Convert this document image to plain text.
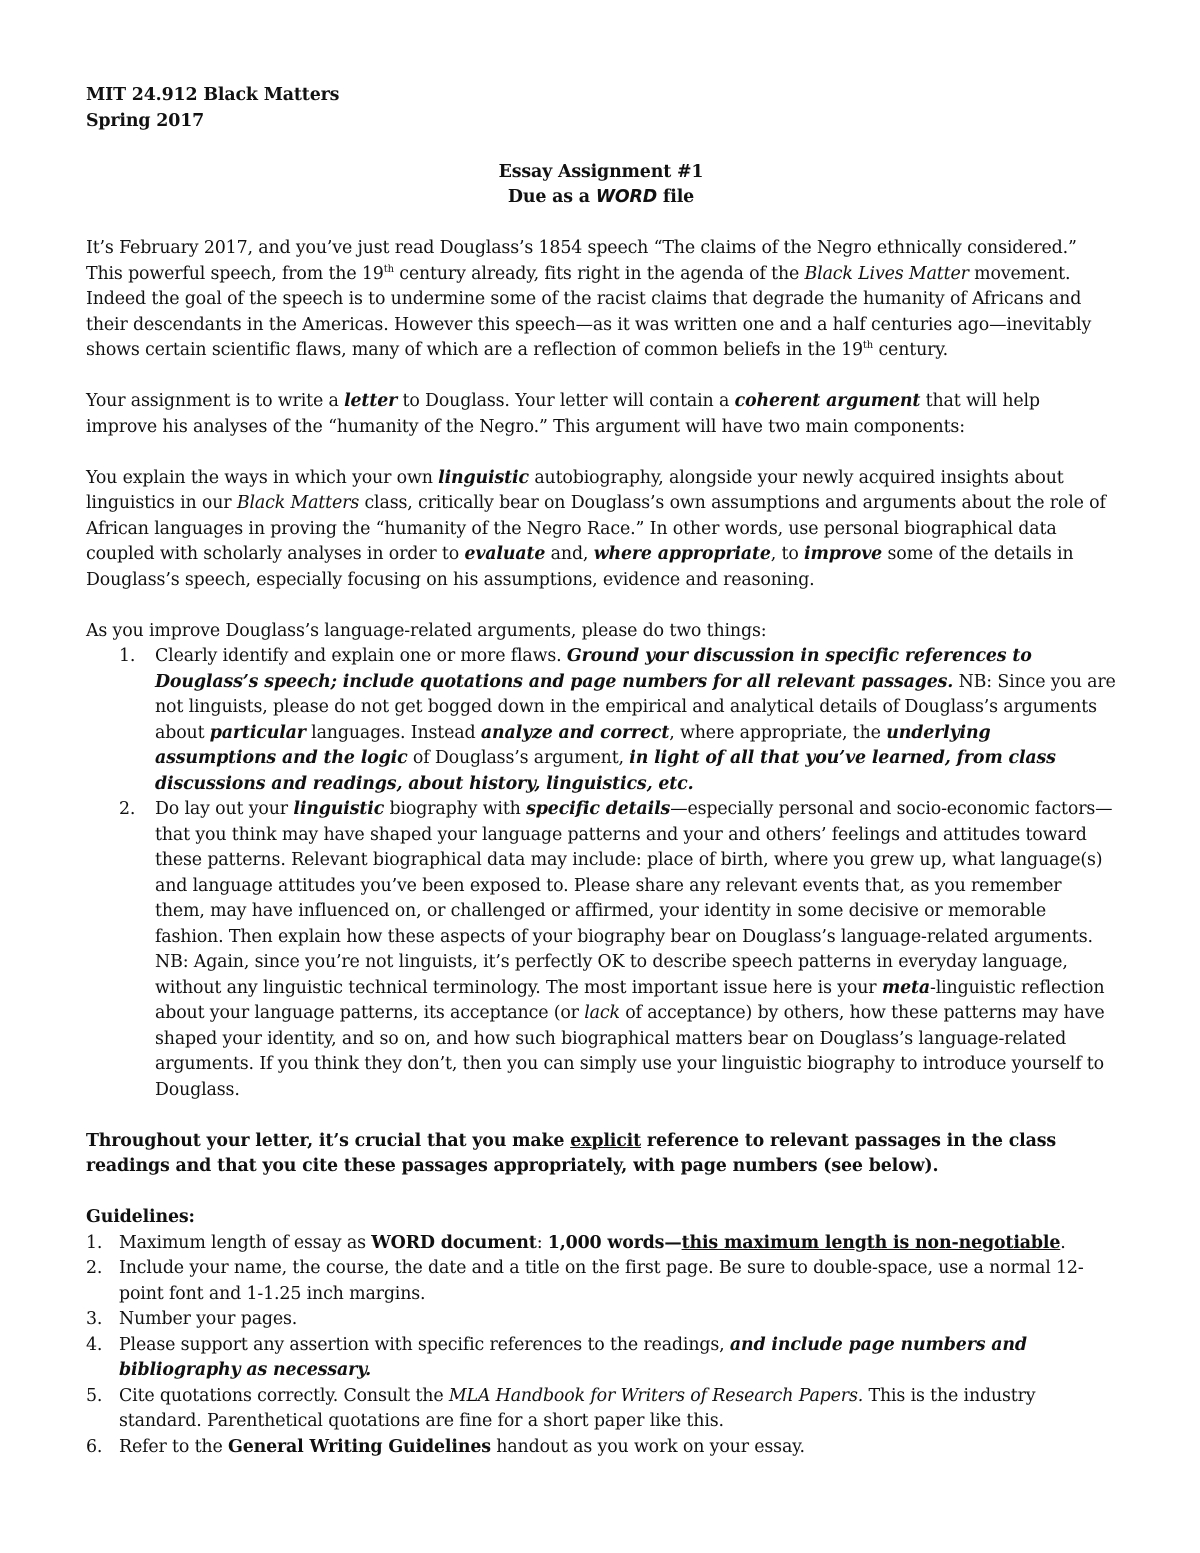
MIT 24.912 Black Matters

Spring 2017

Essay Assignment #1

Due as a WORD file

It’s February 2017, and you’ve just read Douglass’s 1854 speech “The claims of the Negro ethnically considered.” This powerful speech, from the 19th century already, fits right in the agenda of the Black Lives Matter movement. Indeed the goal of the speech is to undermine some of the racist claims that degrade the humanity of Africans and their descendants in the Americas. However this speech—as it was written one and a half centuries ago—inevitably shows certain scientific flaws, many of which are a reflection of common beliefs in the 19th century.

Your assignment is to write a letter to Douglass. Your letter will contain a coherent argument that will help improve his analyses of the “humanity of the Negro.” This argument will have two main components:

You explain the ways in which your own linguistic autobiography, alongside your newly acquired insights about linguistics in our Black Matters class, critically bear on Douglass’s own assumptions and arguments about the role of African languages in proving the “humanity of the Negro Race.” In other words, use personal biographical data coupled with scholarly analyses in order to evaluate and, where appropriate, to improve some of the details in Douglass’s speech, especially focusing on his assumptions, evidence and reasoning.

As you improve Douglass’s language-related arguments, please do two things:

1. Clearly identify and explain one or more flaws. Ground your discussion in specific references to Douglass’s speech; include quotations and page numbers for all relevant passages. NB: Since you are not linguists, please do not get bogged down in the empirical and analytical details of Douglass’s arguments about particular languages. Instead analyze and correct, where appropriate, the underlying assumptions and the logic of Douglass’s argument, in light of all that you’ve learned, from class discussions and readings, about history, linguistics, etc.
2. Do lay out your linguistic biography with specific details—especially personal and socio-economic factors—that you think may have shaped your language patterns and your and others’ feelings and attitudes toward these patterns. Relevant biographical data may include: place of birth, where you grew up, what language(s) and language attitudes you’ve been exposed to. Please share any relevant events that, as you remember them, may have influenced on, or challenged or affirmed, your identity in some decisive or memorable fashion. Then explain how these aspects of your biography bear on Douglass’s language-related arguments. NB: Again, since you’re not linguists, it’s perfectly OK to describe speech patterns in everyday language, without any linguistic technical terminology. The most important issue here is your meta-linguistic reflection about your language patterns, its acceptance (or lack of acceptance) by others, how these patterns may have shaped your identity, and so on, and how such biographical matters bear on Douglass’s language-related arguments. If you think they don’t, then you can simply use your linguistic biography to introduce yourself to Douglass.

Throughout your letter, it’s crucial that you make explicit reference to relevant passages in the class readings and that you cite these passages appropriately, with page numbers (see below).

Guidelines:

1. Maximum length of essay as WORD document: 1,000 words—this maximum length is non-negotiable.
2. Include your name, the course, the date and a title on the first page. Be sure to double-space, use a normal 12-point font and 1-1.25 inch margins.
3. Number your pages.
4. Please support any assertion with specific references to the readings, and include page numbers and bibliography as necessary.
5. Cite quotations correctly. Consult the MLA Handbook for Writers of Research Papers. This is the industry standard. Parenthetical quotations are fine for a short paper like this.
6. Refer to the General Writing Guidelines handout as you work on your essay.
